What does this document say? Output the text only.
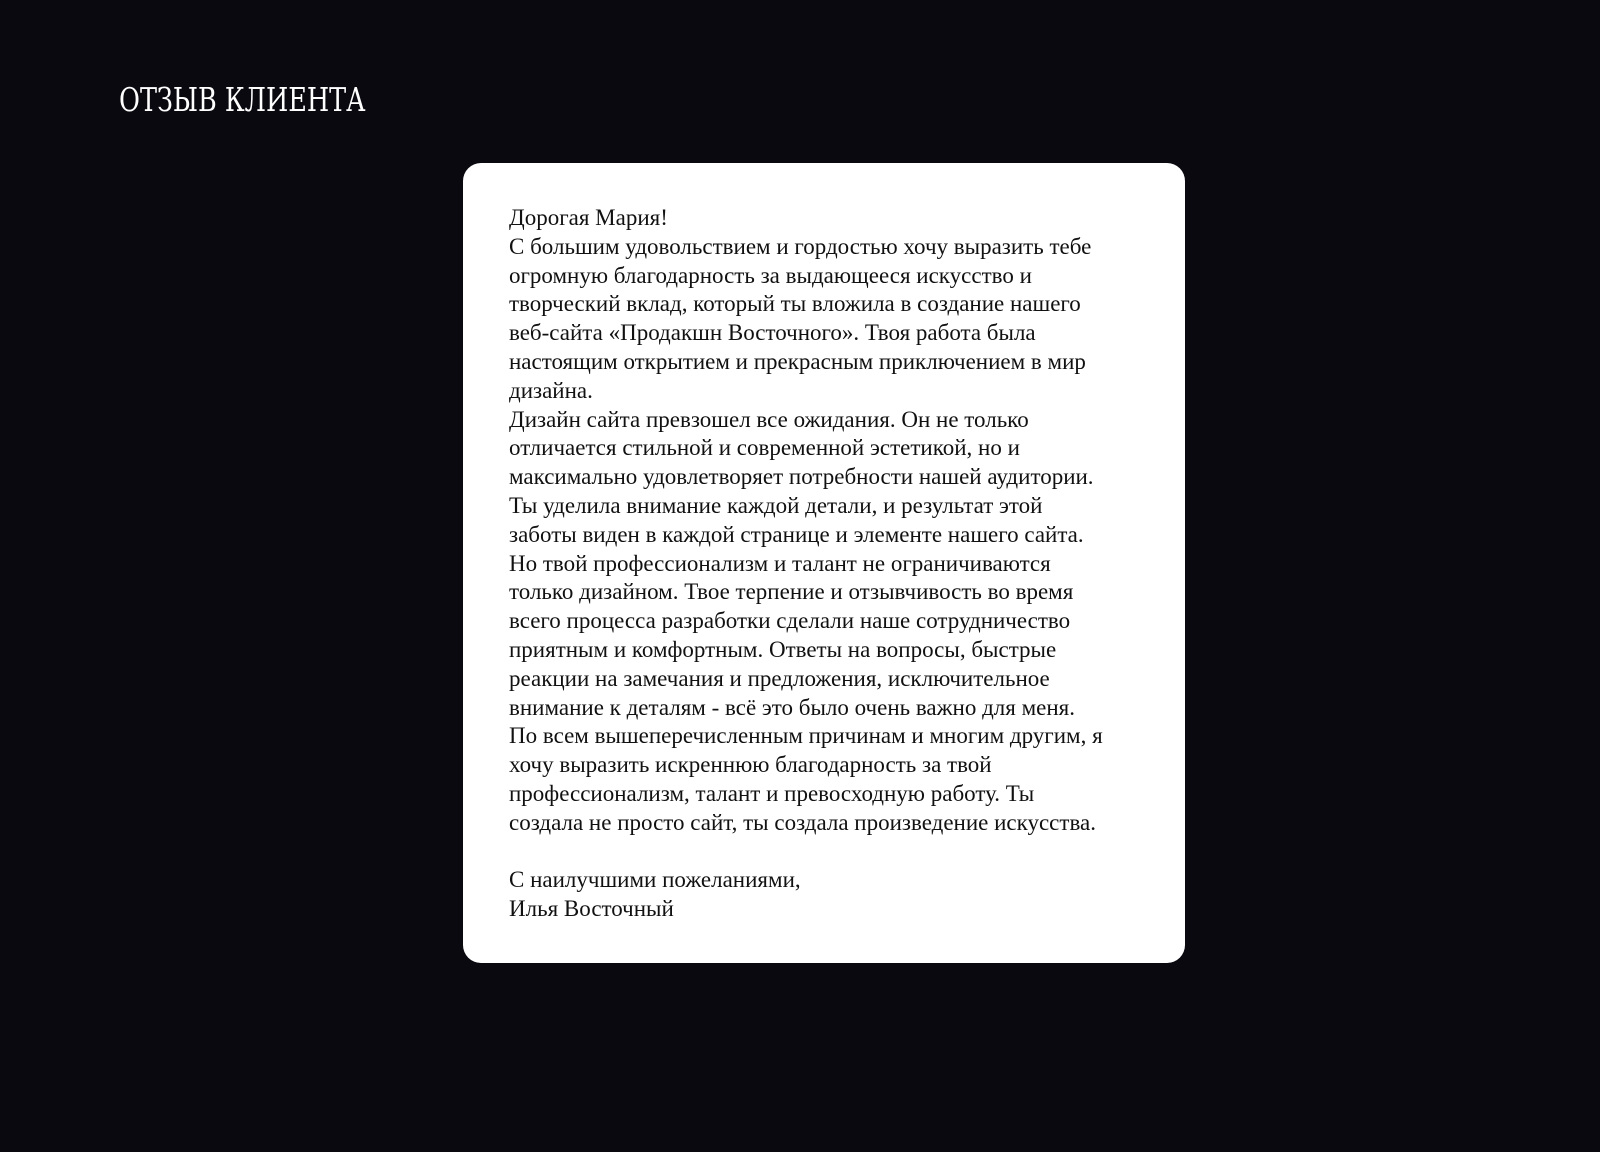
ОТЗЫВ КЛИЕНТА

Дорогая Мария!

С большим удовольствием и гордостью хочу выразить тебе
огромную благодарность за выдающееся искусство и
творческий вклад, который ты вложила в создание нашего
веб-сайта «Продакшн Восточного». Твоя работа была
настоящим открытием и прекрасным приключением в мир
дизайна.

Дизайн сайта превзошел все ожидания. Он не только
отличается стильной и современной эстетикой, но и
максимально удовлетворяет потребности нашей аудитории.
Ты уделила внимание каждой детали, и результат этой
заботы виден в каждой странице и элементе нашего сайта.

Но твой профессионализм и талант не ограничиваются
только дизайном. Твое терпение и отзывчивость во время
всего процесса разработки сделали наше сотрудничество
приятным и комфортным. Ответы на вопросы, быстрые
реакции на замечания и предложения, исключительное
внимание к деталям - всё это было очень важно для меня.

По всем вышеперечисленным причинам и многим другим, я
хочу выразить искреннюю благодарность за твой
профессионализм, талант и превосходную работу. Ты
создала не просто сайт, ты создала произведение искусства.

С наилучшими пожеланиями,

Илья Восточный
